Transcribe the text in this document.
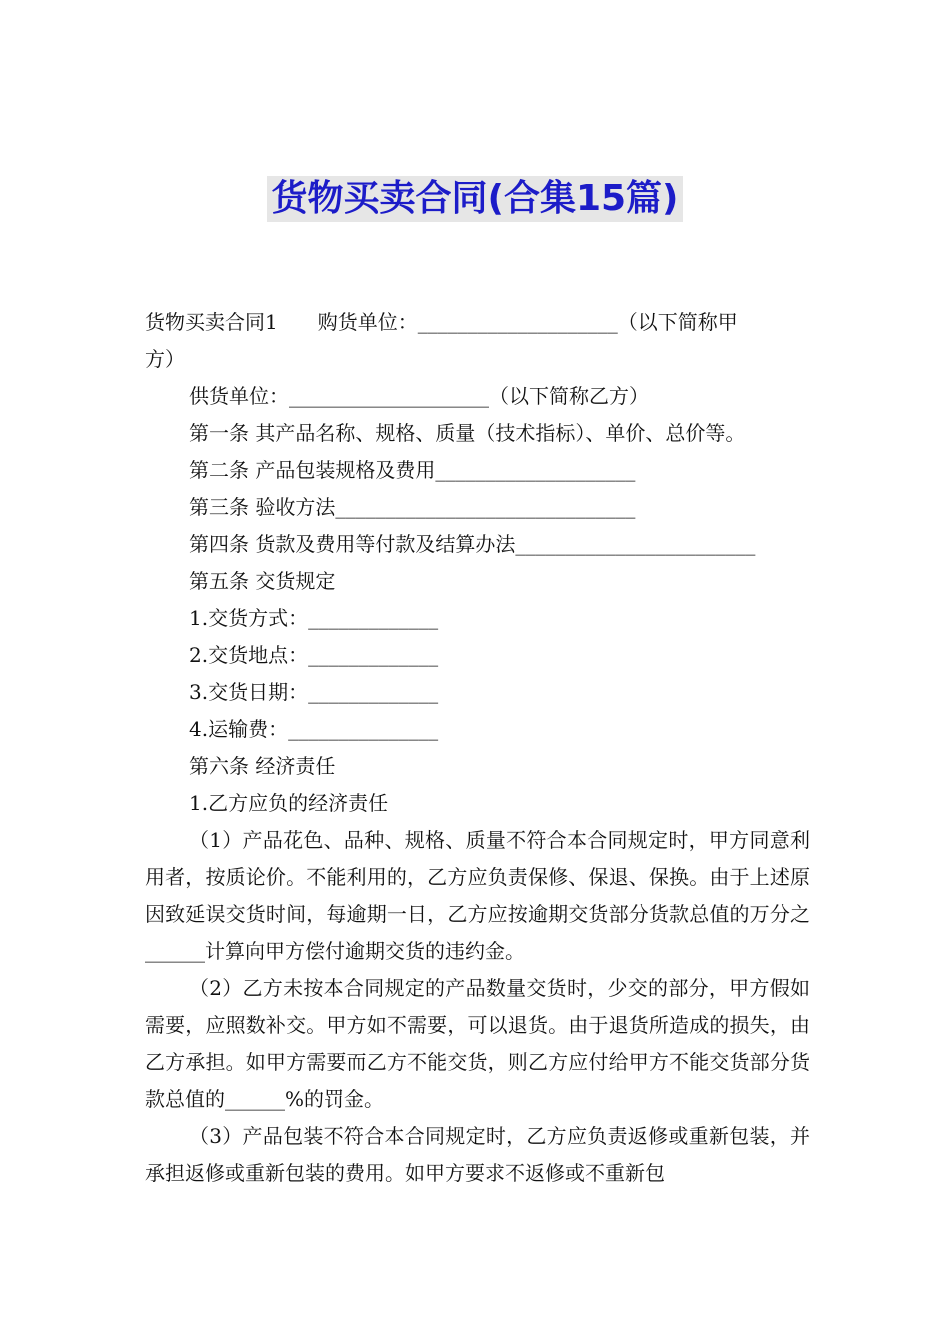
货物买卖合同(合集15篇)

货物买卖合同1　　购货单位：____________________（以下简称甲

方）

供货单位：____________________（以下简称乙方）

第一条 其产品名称、规格、质量（技术指标）、单价、总价等。

第二条 产品包装规格及费用____________________

第三条 验收方法______________________________

第四条 货款及费用等付款及结算办法________________________

第五条 交货规定

1.交货方式：_____________

2.交货地点：_____________

3.交货日期：_____________

4.运输费：_______________

第六条 经济责任

1.乙方应负的经济责任

（1）产品花色、品种、规格、质量不符合本合同规定时，甲方同意利用者，按质论价。不能利用的，乙方应负责保修、保退、保换。由于上述原因致延误交货时间，每逾期一日，乙方应按逾期交货部分货款总值的万分之______计算向甲方偿付逾期交货的违约金。

（2）乙方未按本合同规定的产品数量交货时，少交的部分，甲方假如需要，应照数补交。甲方如不需要，可以退货。由于退货所造成的损失，由乙方承担。如甲方需要而乙方不能交货，则乙方应付给甲方不能交货部分货款总值的______%的罚金。

（3）产品包装不符合本合同规定时，乙方应负责返修或重新包装，并承担返修或重新包装的费用。如甲方要求不返修或不重新包
